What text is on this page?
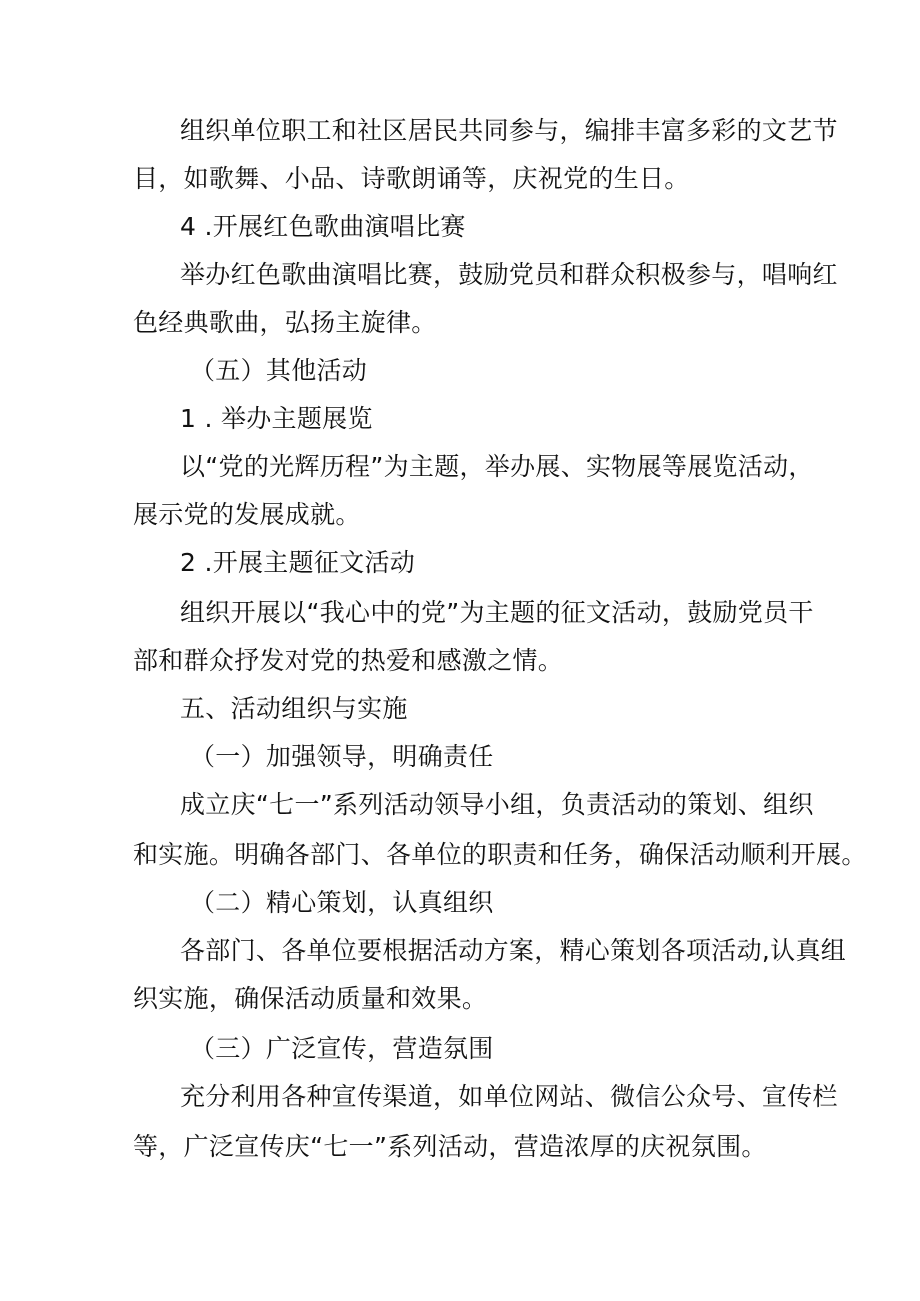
组织单位职工和社区居民共同参与，编排丰富多彩的文艺节
目，如歌舞、小品、诗歌朗诵等，庆祝党的生日。
4 .开展红色歌曲演唱比赛
举办红色歌曲演唱比赛，鼓励党员和群众积极参与，唱响红
色经典歌曲，弘扬主旋律。
（五）其他活动
1 . 举办主题展览
以“党的光辉历程”为主题，举办展、实物展等展览活动，
展示党的发展成就。
2 .开展主题征文活动
组织开展以“我心中的党”为主题的征文活动，鼓励党员干
部和群众抒发对党的热爱和感激之情。
五、活动组织与实施
（一）加强领导，明确责任
成立庆“七一”系列活动领导小组，负责活动的策划、组织
和实施。明确各部门、各单位的职责和任务，确保活动顺利开展。
（二）精心策划，认真组织
各部门、各单位要根据活动方案，精心策划各项活动,认真组
织实施，确保活动质量和效果。
（三）广泛宣传，营造氛围
充分利用各种宣传渠道，如单位网站、微信公众号、宣传栏
等，广泛宣传庆“七一”系列活动，营造浓厚的庆祝氛围。
